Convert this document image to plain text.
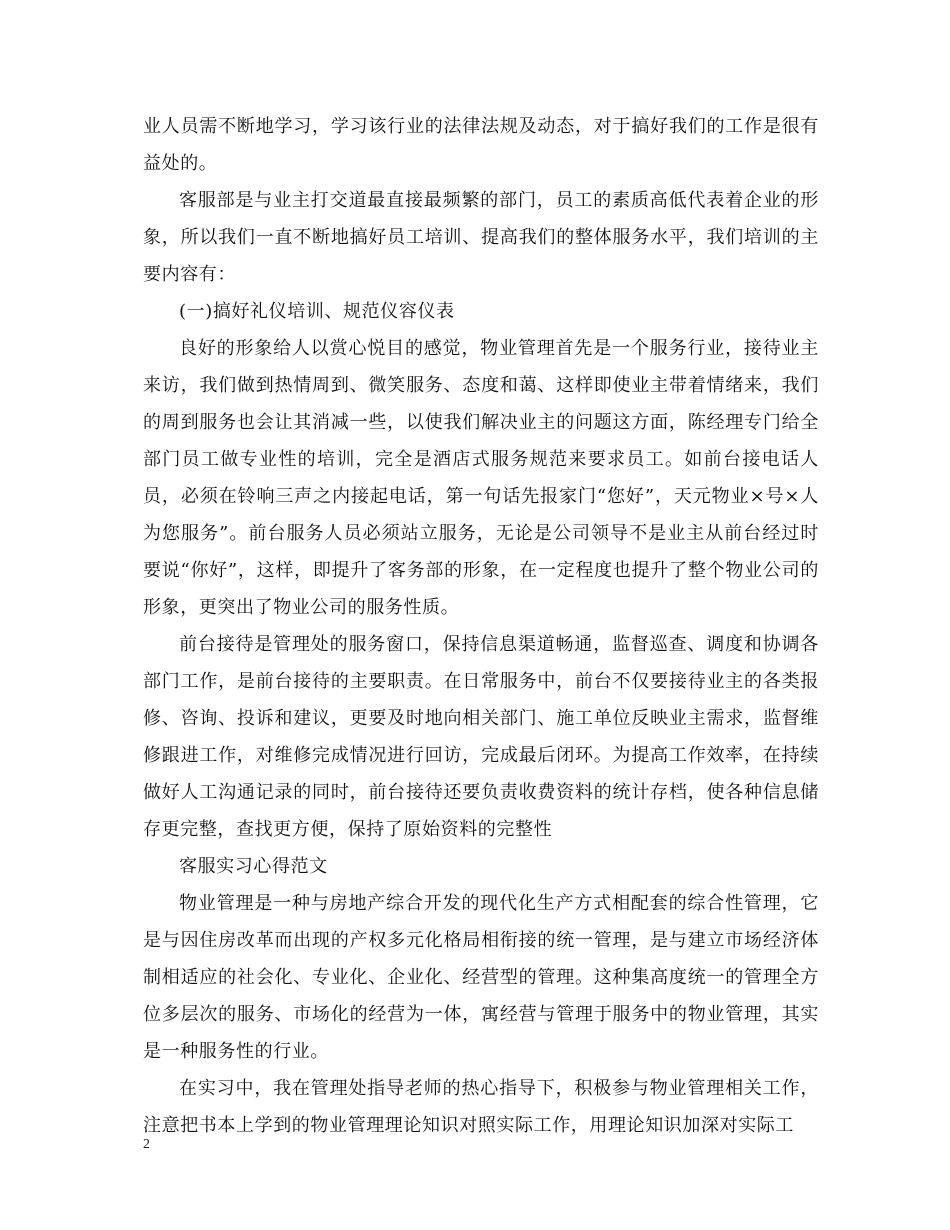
业人员需不断地学习，学习该行业的法律法规及动态，对于搞好我们的工作是很有益处的。

客服部是与业主打交道最直接最频繁的部门，员工的素质高低代表着企业的形象，所以我们一直不断地搞好员工培训、提高我们的整体服务水平，我们培训的主要内容有：

(一)搞好礼仪培训、规范仪容仪表

良好的形象给人以赏心悦目的感觉，物业管理首先是一个服务行业，接待业主来访，我们做到热情周到、微笑服务、态度和蔼、这样即使业主带着情绪来，我们的周到服务也会让其消减一些，以使我们解决业主的问题这方面，陈经理专门给全部门员工做专业性的培训，完全是酒店式服务规范来要求员工。如前台接电话人员，必须在铃响三声之内接起电话，第一句话先报家门“您好”，天元物业×号×人为您服务”。前台服务人员必须站立服务，无论是公司领导不是业主从前台经过时要说“你好”，这样，即提升了客务部的形象，在一定程度也提升了整个物业公司的形象，更突出了物业公司的服务性质。

前台接待是管理处的服务窗口，保持信息渠道畅通，监督巡查、调度和协调各部门工作，是前台接待的主要职责。在日常服务中，前台不仅要接待业主的各类报修、咨询、投诉和建议，更要及时地向相关部门、施工单位反映业主需求，监督维修跟进工作，对维修完成情况进行回访，完成最后闭环。为提高工作效率，在持续做好人工沟通记录的同时，前台接待还要负责收费资料的统计存档，使各种信息储存更完整，查找更方便，保持了原始资料的完整性

客服实习心得范文

物业管理是一种与房地产综合开发的现代化生产方式相配套的综合性管理，它是与因住房改革而出现的产权多元化格局相衔接的统一管理，是与建立市场经济体制相适应的社会化、专业化、企业化、经营型的管理。这种集高度统一的管理全方位多层次的服务、市场化的经营为一体，寓经营与管理于服务中的物业管理，其实是一种服务性的行业。

在实习中，我在管理处指导老师的热心指导下，积极参与物业管理相关工作，注意把书本上学到的物业管理理论知识对照实际工作，用理论知识加深对实际工

2
